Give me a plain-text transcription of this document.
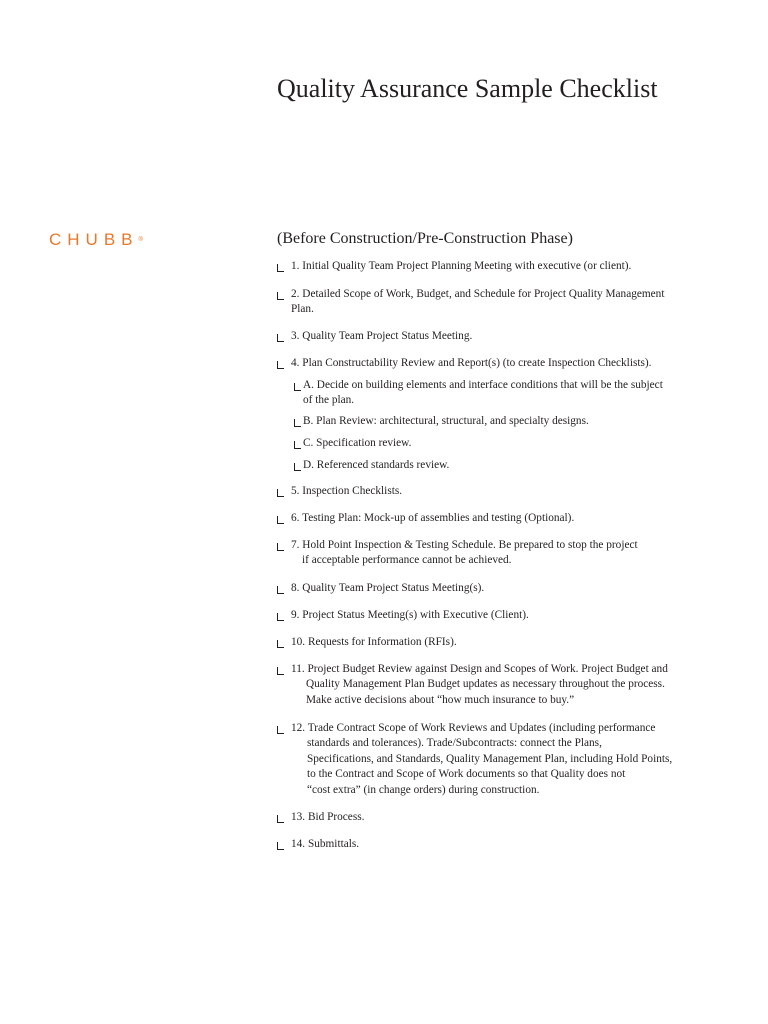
Quality Assurance Sample Checklist
CHUBB®	(Before Construction/Pre-Construction Phase)
1. Initial Quality Team Project Planning Meeting with executive (or client).
2. Detailed Scope of Work, Budget, and Schedule for Project Quality Management
Plan.
3. Quality Team Project Status Meeting.
4. Plan Constructability Review and Report(s) (to create Inspection Checklists).
A. Decide on building elements and interface conditions that will be the subject
of the plan.
B. Plan Review: architectural, structural, and specialty designs.
C. Specification review.
D. Referenced standards review.
5. Inspection Checklists.
6. Testing Plan: Mock-up of assemblies and testing (Optional).
7. Hold Point Inspection & Testing Schedule. Be prepared to stop the project
if acceptable performance cannot be achieved.
8. Quality Team Project Status Meeting(s).
9. Project Status Meeting(s) with Executive (Client).
10. Requests for Information (RFIs).
11. Project Budget Review against Design and Scopes of Work. Project Budget and
Quality Management Plan Budget updates as necessary throughout the process.
Make active decisions about “how much insurance to buy.”
12. Trade Contract Scope of Work Reviews and Updates (including performance
standards and tolerances). Trade/Subcontracts: connect the Plans,
Specifications, and Standards, Quality Management Plan, including Hold Points,
to the Contract and Scope of Work documents so that Quality does not
“cost extra” (in change orders) during construction.
13. Bid Process.
14. Submittals.
